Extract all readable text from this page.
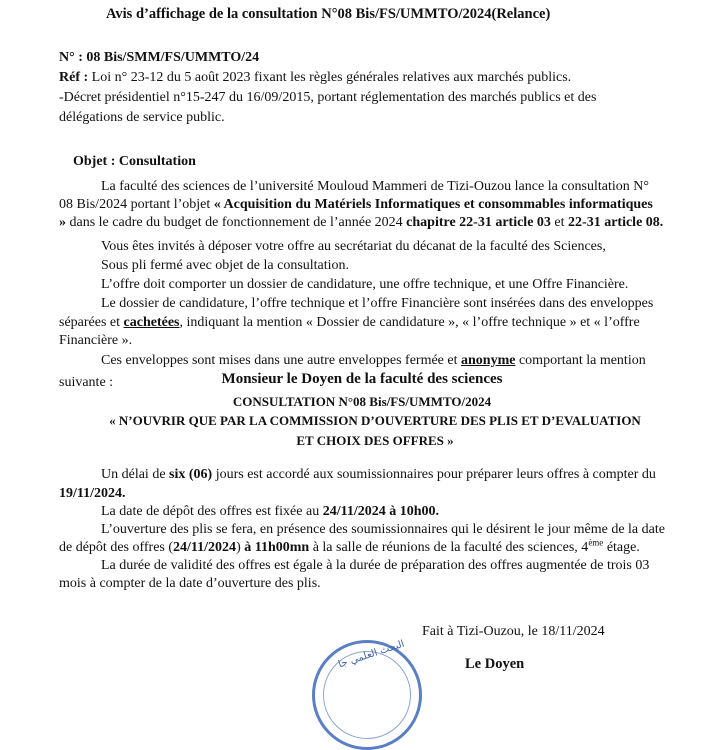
Avis d’affichage de la consultation N°08 Bis/FS/UMMTO/2024(Relance)

N° : 08 Bis/SMM/FS/UMMTO/24

Réf : Loi n° 23-12 du 5 août 2023 fixant les règles générales relatives aux marchés publics.

-Décret présidentiel n°15-247 du 16/09/2015, portant réglementation des marchés publics et des

délégations de service public.

Objet : Consultation

La faculté des sciences de l’université Mouloud Mammeri de Tizi-Ouzou lance la consultation N°

08 Bis/2024 portant l’objet « Acquisition du Matériels Informatiques et consommables informatiques

» dans le cadre du budget de fonctionnement de l’année 2024 chapitre 22-31 article 03 et 22-31 article 08.

Vous êtes invités à déposer votre offre au secrétariat du décanat de la faculté des Sciences,

Sous pli fermé avec objet de la consultation.

L’offre doit comporter un dossier de candidature, une offre technique, et une Offre Financière.

Le dossier de candidature, l’offre technique et l’offre Financière sont insérées dans des enveloppes

séparées et cachetées, indiquant la mention « Dossier de candidature », « l’offre technique » et « l’offre

Financière ».

Ces enveloppes sont mises dans une autre enveloppes fermée et anonyme comportant la mention

suivante :	Monsieur le Doyen de la faculté des sciences

CONSULTATION N°08 Bis/FS/UMMTO/2024

« N’OUVRIR QUE PAR LA COMMISSION D’OUVERTURE DES PLIS ET D’EVALUATION

ET CHOIX DES OFFRES »

Un délai de six (06) jours est accordé aux soumissionnaires pour préparer leurs offres à compter du

19/11/2024.

La date de dépôt des offres est fixée au 24/11/2024 à 10h00.

L’ouverture des plis se fera, en présence des soumissionnaires qui le désirent le jour même de la date

de dépôt des offres (24/11/2024) à 11h00mn à la salle de réunions de la faculté des sciences, 4ème étage.

La durée de validité des offres est égale à la durée de préparation des offres augmentée de trois 03

mois à compter de la date d’ouverture des plis.

Fait à Tizi-Ouzou, le 18/11/2024

البحث العلمي جا	Le Doyen
